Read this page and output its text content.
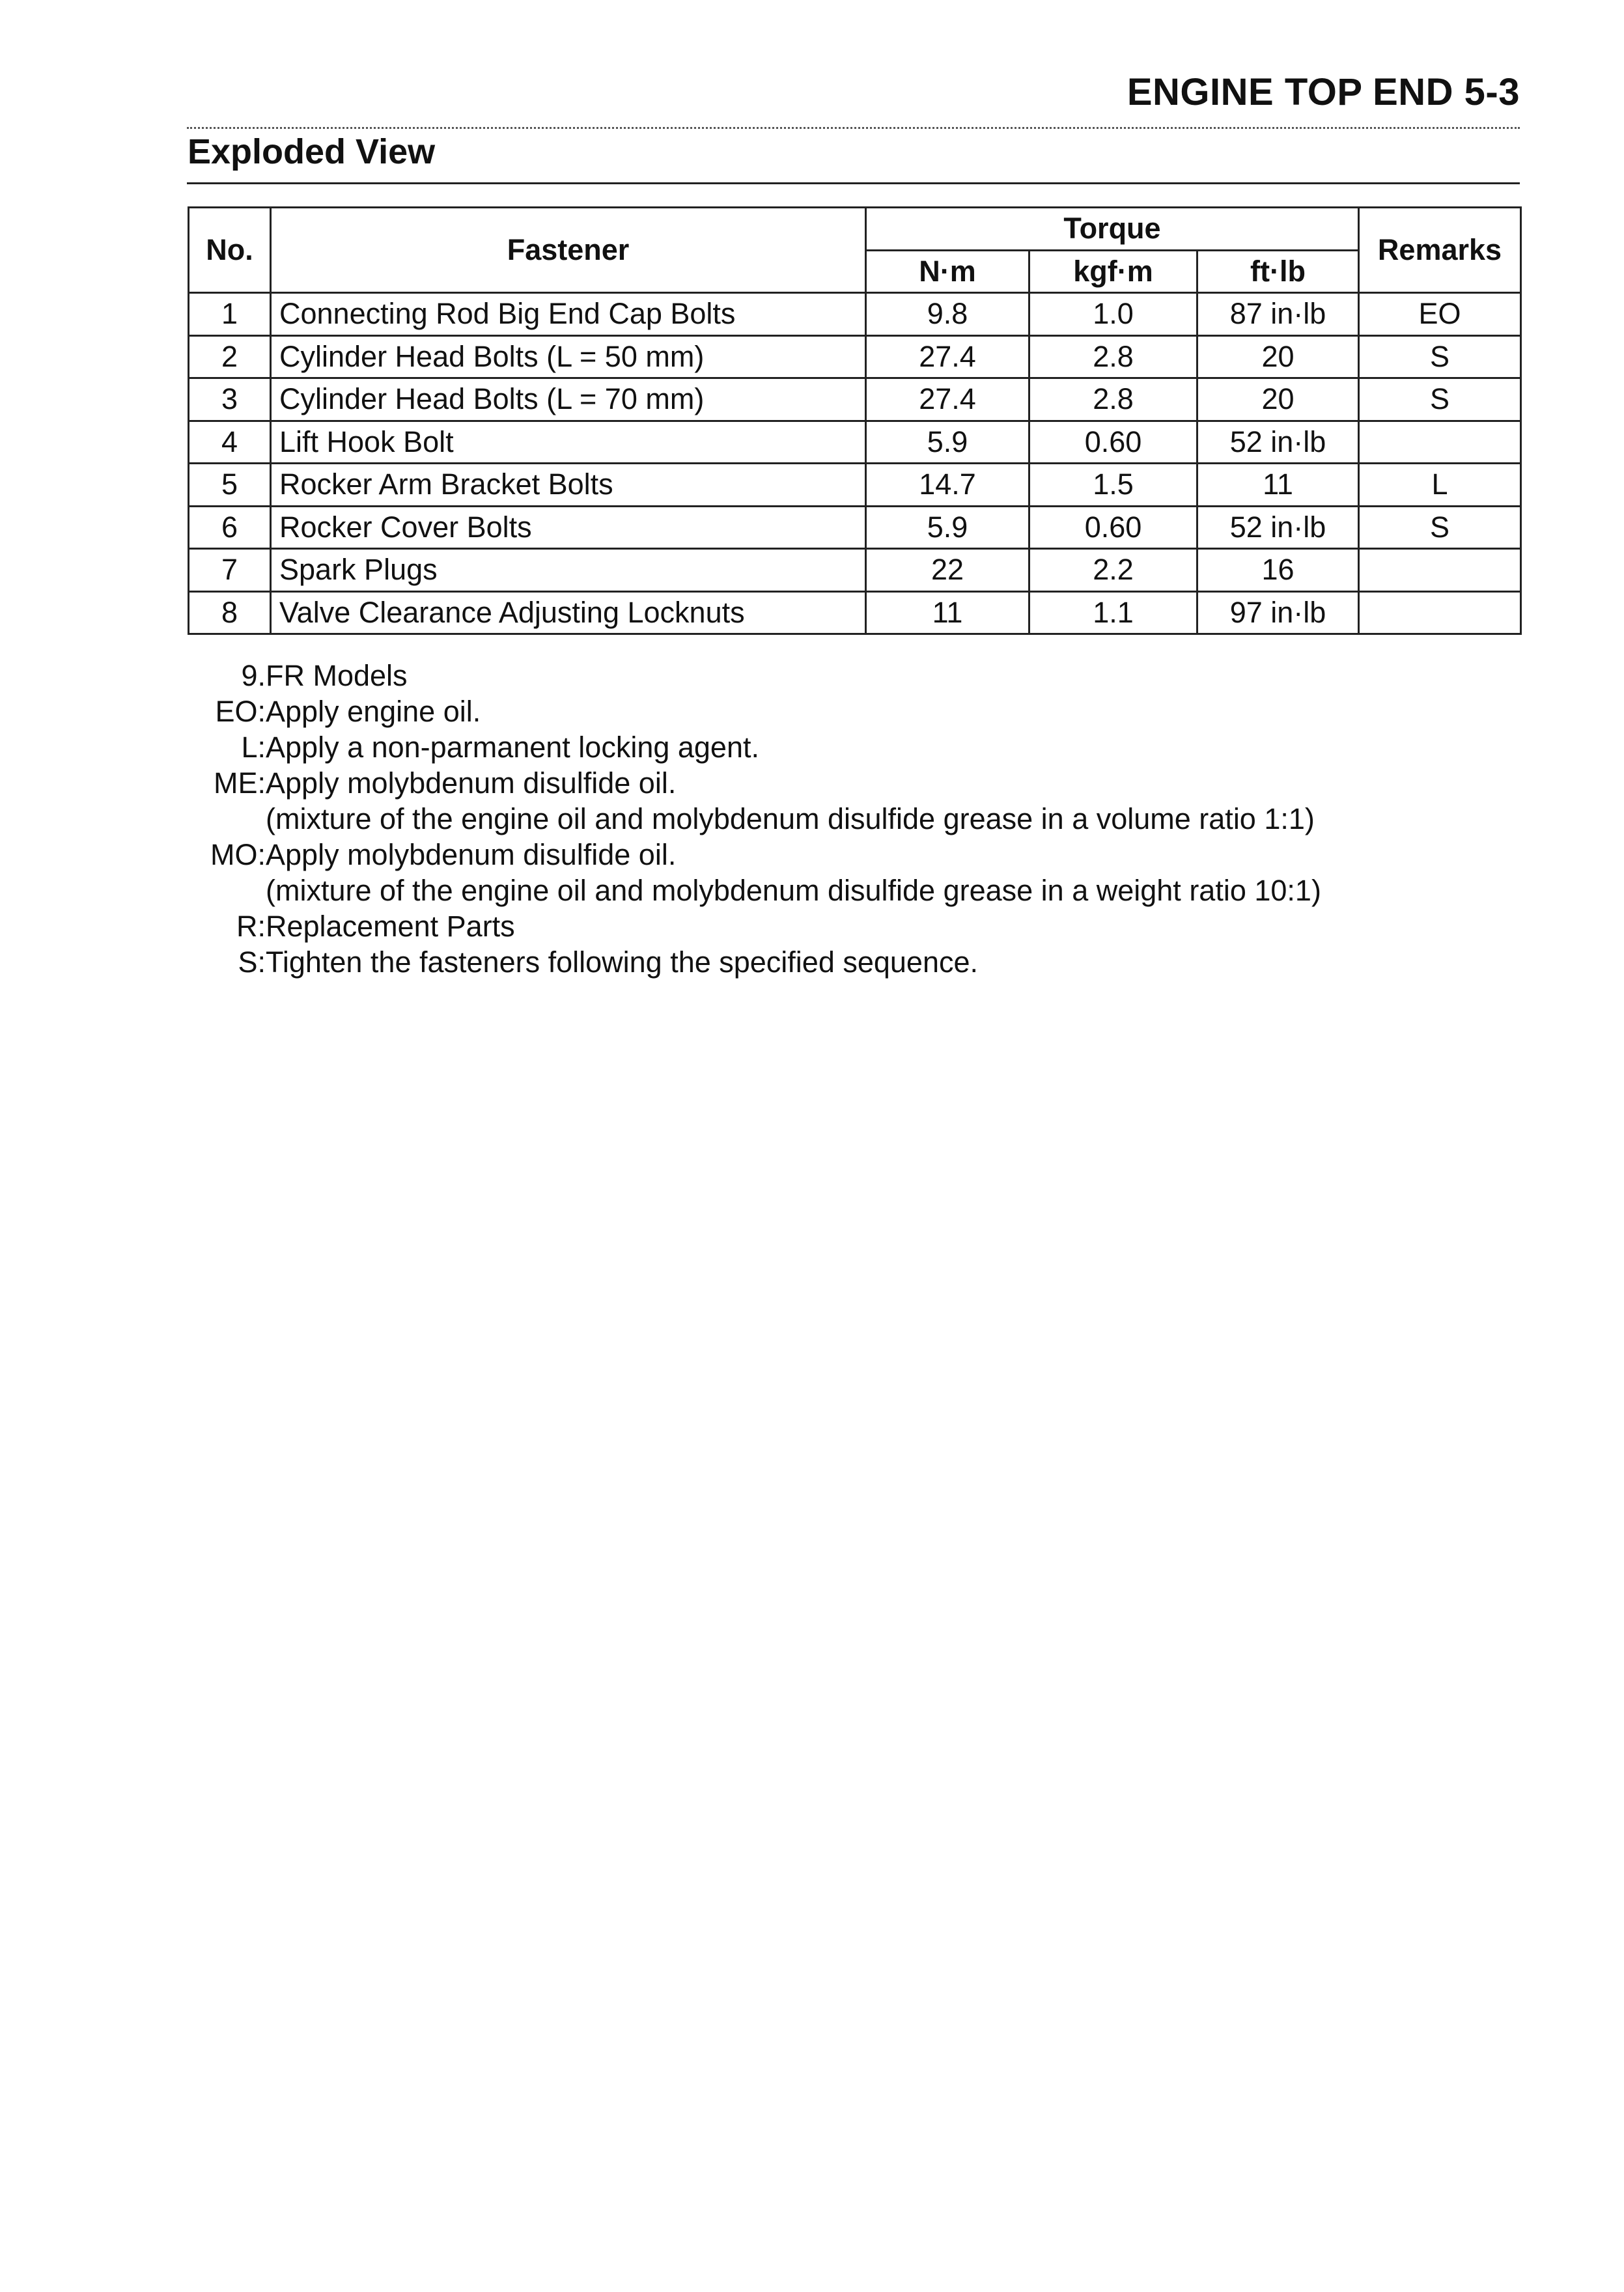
ENGINE TOP END 5-3
Exploded View
No.	Fastener	Torque			Remarks
		N·m	kgf·m	ft·lb	
1	Connecting Rod Big End Cap Bolts	9.8	1.0	87 in·lb	EO
2	Cylinder Head Bolts (L = 50 mm)	27.4	2.8	20	S
3	Cylinder Head Bolts (L = 70 mm)	27.4	2.8	20	S
4	Lift Hook Bolt	5.9	0.60	52 in·lb	
5	Rocker Arm Bracket Bolts	14.7	1.5	11	L
6	Rocker Cover Bolts	5.9	0.60	52 in·lb	S
7	Spark Plugs	22	2.2	16	
8	Valve Clearance Adjusting Locknuts	11	1.1	97 in·lb	
9. FR Models
EO: Apply engine oil.
L: Apply a non-parmanent locking agent.
ME: Apply molybdenum disulfide oil.
(mixture of the engine oil and molybdenum disulfide grease in a volume ratio 1:1)
MO: Apply molybdenum disulfide oil.
(mixture of the engine oil and molybdenum disulfide grease in a weight ratio 10:1)
R: Replacement Parts
S: Tighten the fasteners following the specified sequence.
